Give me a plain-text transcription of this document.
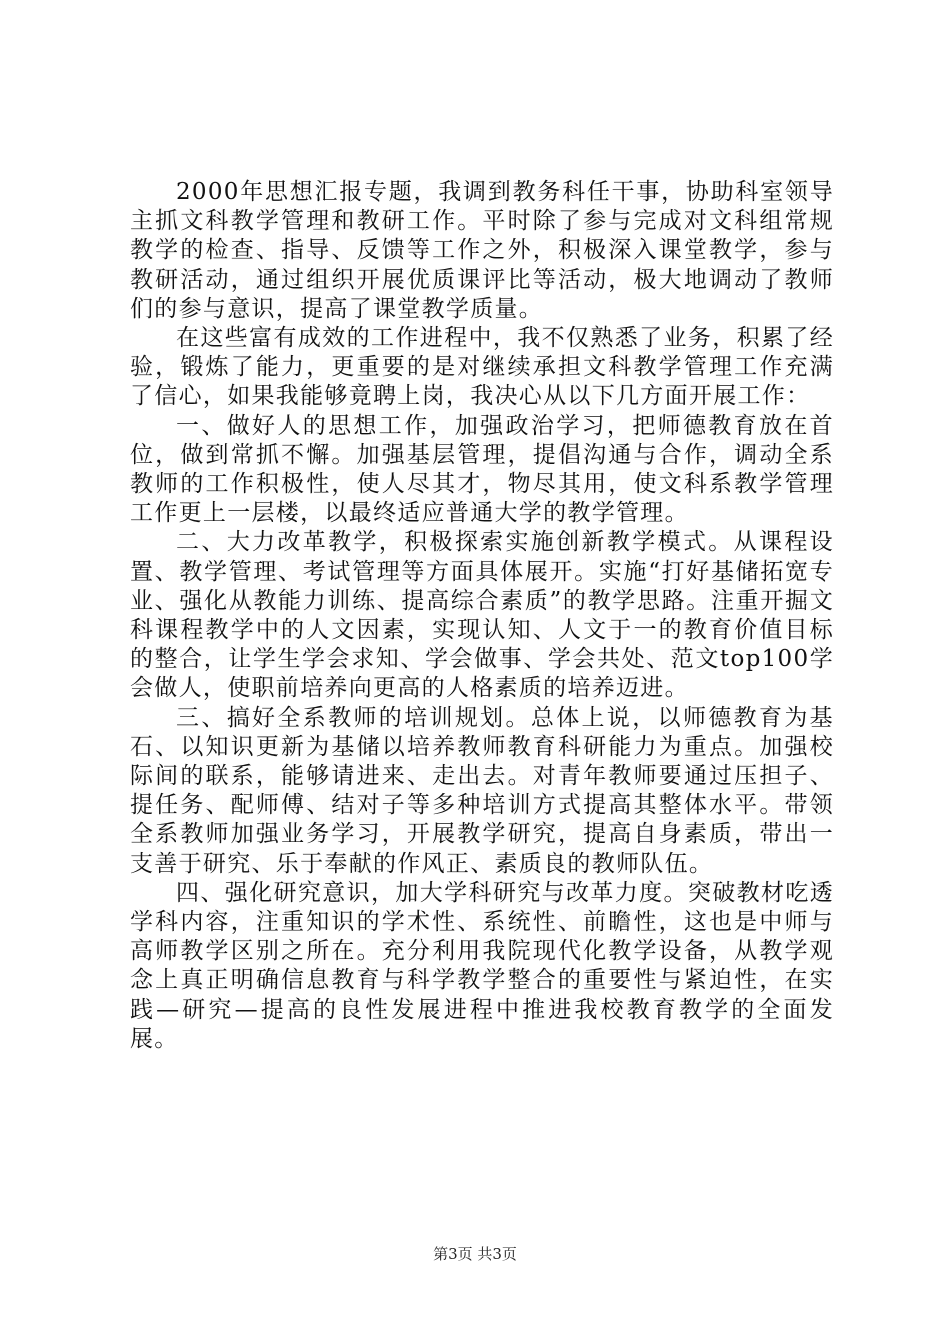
2000年思想汇报专题，我调到教务科任干事，协助科室领导主抓文科教学管理和教研工作。平时除了参与完成对文科组常规教学的检查、指导、反馈等工作之外，积极深入课堂教学，参与教研活动，通过组织开展优质课评比等活动，极大地调动了教师们的参与意识，提高了课堂教学质量。

在这些富有成效的工作进程中，我不仅熟悉了业务，积累了经验，锻炼了能力，更重要的是对继续承担文科教学管理工作充满了信心，如果我能够竟聘上岗，我决心从以下几方面开展工作：

一、做好人的思想工作，加强政治学习，把师德教育放在首位，做到常抓不懈。加强基层管理，提倡沟通与合作，调动全系教师的工作积极性，使人尽其才，物尽其用，使文科系教学管理工作更上一层楼，以最终适应普通大学的教学管理。

二、大力改革教学，积极探索实施创新教学模式。从课程设置、教学管理、考试管理等方面具体展开。实施“打好基储拓宽专业、强化从教能力训练、提高综合素质”的教学思路。注重开掘文科课程教学中的人文因素，实现认知、人文于一的教育价值目标的整合，让学生学会求知、学会做事、学会共处、范文top100学会做人，使职前培养向更高的人格素质的培养迈进。

三、搞好全系教师的培训规划。总体上说，以师德教育为基石、以知识更新为基储以培养教师教育科研能力为重点。加强校际间的联系，能够请进来、走出去。对青年教师要通过压担子、提任务、配师傅、结对子等多种培训方式提高其整体水平。带领全系教师加强业务学习，开展教学研究，提高自身素质，带出一支善于研究、乐于奉献的作风正、素质良的教师队伍。

四、强化研究意识，加大学科研究与改革力度。突破教材吃透学科内容，注重知识的学术性、系统性、前瞻性，这也是中师与高师教学区别之所在。充分利用我院现代化教学设备，从教学观念上真正明确信息教育与科学教学整合的重要性与紧迫性，在实践—研究—提高的良性发展进程中推进我校教育教学的全面发展。

第3页 共3页
